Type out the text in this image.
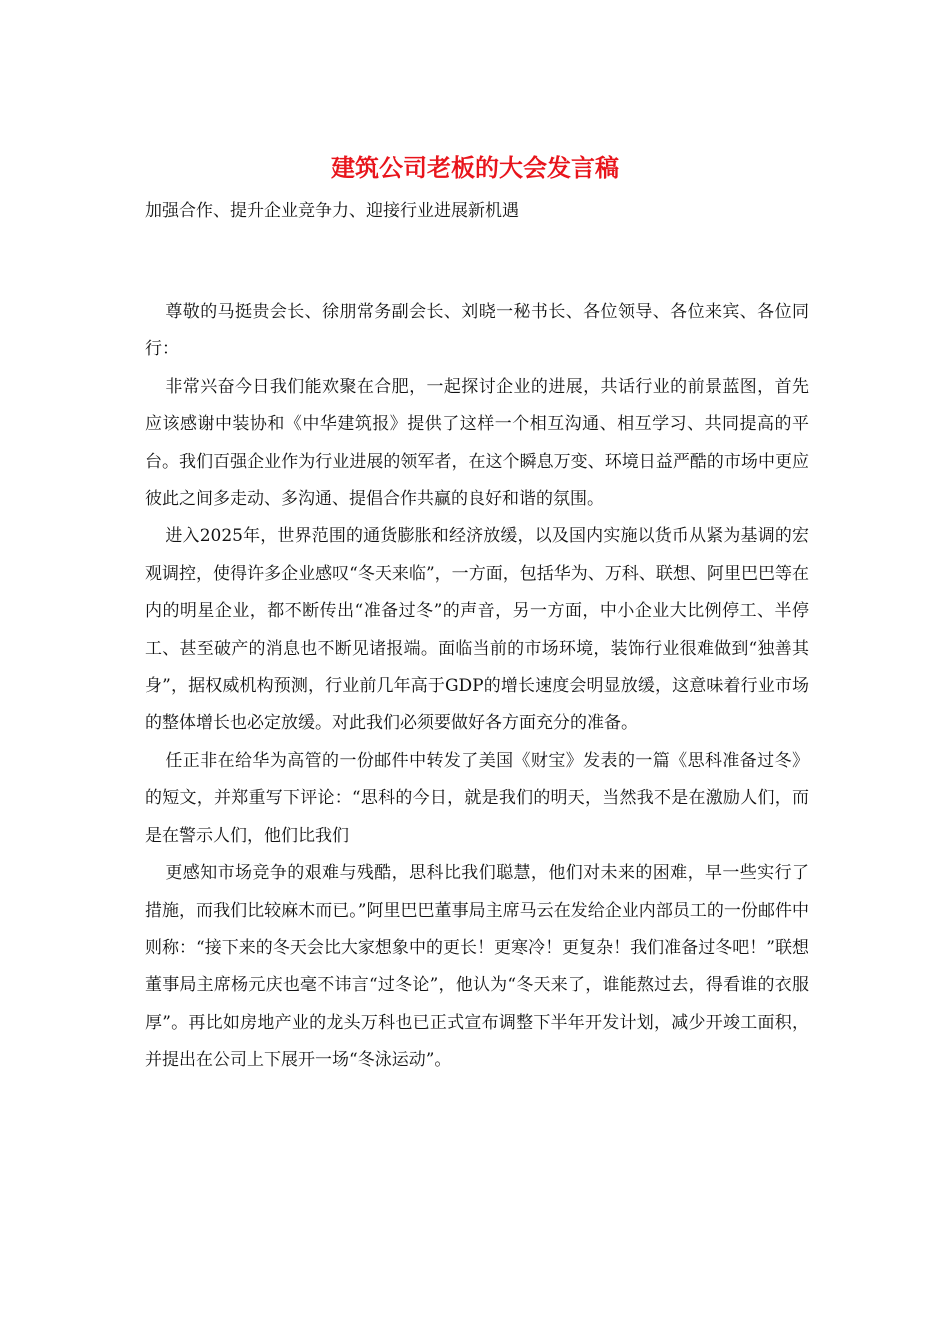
建筑公司老板的大会发言稿

加强合作、提升企业竞争力、迎接行业进展新机遇

尊敬的马挺贵会长、徐朋常务副会长、刘晓一秘书长、各位领导、各位来宾、各位同行：

非常兴奋今日我们能欢聚在合肥，一起探讨企业的进展，共话行业的前景蓝图，首先应该感谢中装协和《中华建筑报》提供了这样一个相互沟通、相互学习、共同提高的平台。我们百强企业作为行业进展的领军者，在这个瞬息万变、环境日益严酷的市场中更应彼此之间多走动、多沟通、提倡合作共赢的良好和谐的氛围。

进入2025年，世界范围的通货膨胀和经济放缓，以及国内实施以货币从紧为基调的宏观调控，使得许多企业感叹“冬天来临”，一方面，包括华为、万科、联想、阿里巴巴等在内的明星企业，都不断传出“准备过冬”的声音，另一方面，中小企业大比例停工、半停工、甚至破产的消息也不断见诸报端。面临当前的市场环境，装饰行业很难做到“独善其身”，据权威机构预测，行业前几年高于GDP的增长速度会明显放缓，这意味着行业市场的整体增长也必定放缓。对此我们必须要做好各方面充分的准备。

任正非在给华为高管的一份邮件中转发了美国《财宝》发表的一篇《思科准备过冬》的短文，并郑重写下评论：“思科的今日，就是我们的明天，当然我不是在激励人们，而是在警示人们，他们比我们

更感知市场竞争的艰难与残酷，思科比我们聪慧，他们对未来的困难，早一些实行了措施，而我们比较麻木而已。”阿里巴巴董事局主席马云在发给企业内部员工的一份邮件中则称：“接下来的冬天会比大家想象中的更长！更寒冷！更复杂！我们准备过冬吧！”联想董事局主席杨元庆也毫不讳言“过冬论”，他认为“冬天来了，谁能熬过去，得看谁的衣服厚”。再比如房地产业的龙头万科也已正式宣布调整下半年开发计划，减少开竣工面积，并提出在公司上下展开一场“冬泳运动”。
